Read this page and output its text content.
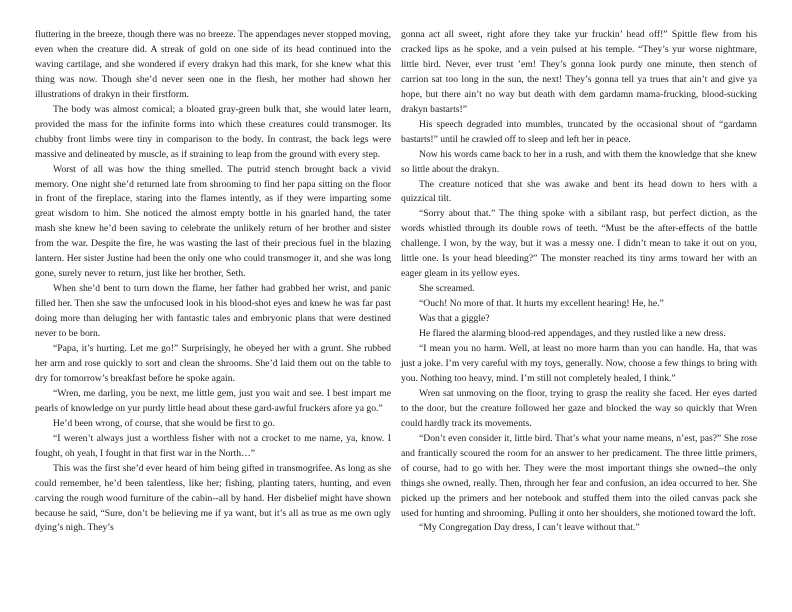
fluttering in the breeze, though there was no breeze. The appendages never stopped moving, even when the creature did. A streak of gold on one side of its head continued into the waving cartilage, and she wondered if every drakyn had this mark, for she knew what this thing was now. Though she’d never seen one in the flesh, her mother had shown her illustrations of drakyn in their firstform.

The body was almost comical; a bloated gray-green bulk that, she would later learn, provided the mass for the infinite forms into which these creatures could transmoger. Its chubby front limbs were tiny in comparison to the body. In contrast, the back legs were massive and delineated by muscle, as if straining to leap from the ground with every step.

Worst of all was how the thing smelled. The putrid stench brought back a vivid memory. One night she’d returned late from shrooming to find her papa sitting on the floor in front of the fireplace, staring into the flames intently, as if they were imparting some great wisdom to him. She noticed the almost empty bottle in his gnarled hand, the tater mash she knew he’d been saving to celebrate the unlikely return of her brother and sister from the war. Despite the fire, he was wasting the last of their precious fuel in the blazing lantern. Her sister Justine had been the only one who could transmoger it, and she was long gone, surely never to return, just like her brother, Seth.

When she’d bent to turn down the flame, her father had grabbed her wrist, and panic filled her. Then she saw the unfocused look in his blood-shot eyes and knew he was far past doing more than deluging her with fantastic tales and embryonic plans that were destined never to be born.

“Papa, it’s hurting. Let me go!” Surprisingly, he obeyed her with a grunt. She rubbed her arm and rose quickly to sort and clean the shrooms. She’d laid them out on the table to dry for tomorrow’s breakfast before he spoke again.

“Wren, me darling, you be next, me little gem, just you wait and see. I best impart me pearls of knowledge on yur purdy little head about these gard-awful fruckers afore ya go.”

He’d been wrong, of course, that she would be first to go.

“I weren’t always just a worthless fisher with not a crocket to me name, ya, know. I fought, oh yeah, I fought in that first war in the North…”

This was the first she’d ever heard of him being gifted in transmogrifee. As long as she could remember, he’d been talentless, like her; fishing, planting taters, hunting, and even carving the rough wood furniture of the cabin--all by hand. Her disbelief might have shown because he said, “Sure, don’t be believing me if ya want, but it’s all as true as me own ugly dying’s nigh. They’s

gonna act all sweet, right afore they take yur fruckin’ head off!” Spittle flew from his cracked lips as he spoke, and a vein pulsed at his temple. “They’s yur worse nightmare, little bird. Never, ever trust ’em! They’s gonna look purdy one minute, then stench of carrion sat too long in the sun, the next! They’s gonna tell ya trues that ain’t and give ya hope, but there ain’t no way but death with dem gardamn mama-frucking, blood-sucking drakyn bastarts!”

His speech degraded into mumbles, truncated by the occasional shout of “gardamn bastarts!” until he crawled off to sleep and left her in peace.

Now his words came back to her in a rush, and with them the knowledge that she knew so little about the drakyn.

The creature noticed that she was awake and bent its head down to hers with a quizzical tilt.

“Sorry about that.” The thing spoke with a sibilant rasp, but perfect diction, as the words whistled through its double rows of teeth. “Must be the after-effects of the battle challenge. I won, by the way, but it was a messy one. I didn’t mean to take it out on you, little one. Is your head bleeding?” The monster reached its tiny arms toward her with an eager gleam in its yellow eyes.

She screamed.

“Ouch! No more of that. It hurts my excellent hearing! He, he.”

Was that a giggle?

He flared the alarming blood-red appendages, and they rustled like a new dress.

“I mean you no harm. Well, at least no more harm than you can handle. Ha, that was just a joke. I’m very careful with my toys, generally. Now, choose a few things to bring with you. Nothing too heavy, mind. I’m still not completely healed, I think.”

Wren sat unmoving on the floor, trying to grasp the reality she faced. Her eyes darted to the door, but the creature followed her gaze and blocked the way so quickly that Wren could hardly track its movements.

“Don’t even consider it, little bird. That’s what your name means, n’est, pas?” She rose and frantically scoured the room for an answer to her predicament. The three little primers, of course, had to go with her. They were the most important things she owned--the only things she owned, really. Then, through her fear and confusion, an idea occurred to her. She picked up the primers and her notebook and stuffed them into the oiled canvas pack she used for hunting and shrooming. Pulling it onto her shoulders, she motioned toward the loft.

“My Congregation Day dress, I can’t leave without that.”
